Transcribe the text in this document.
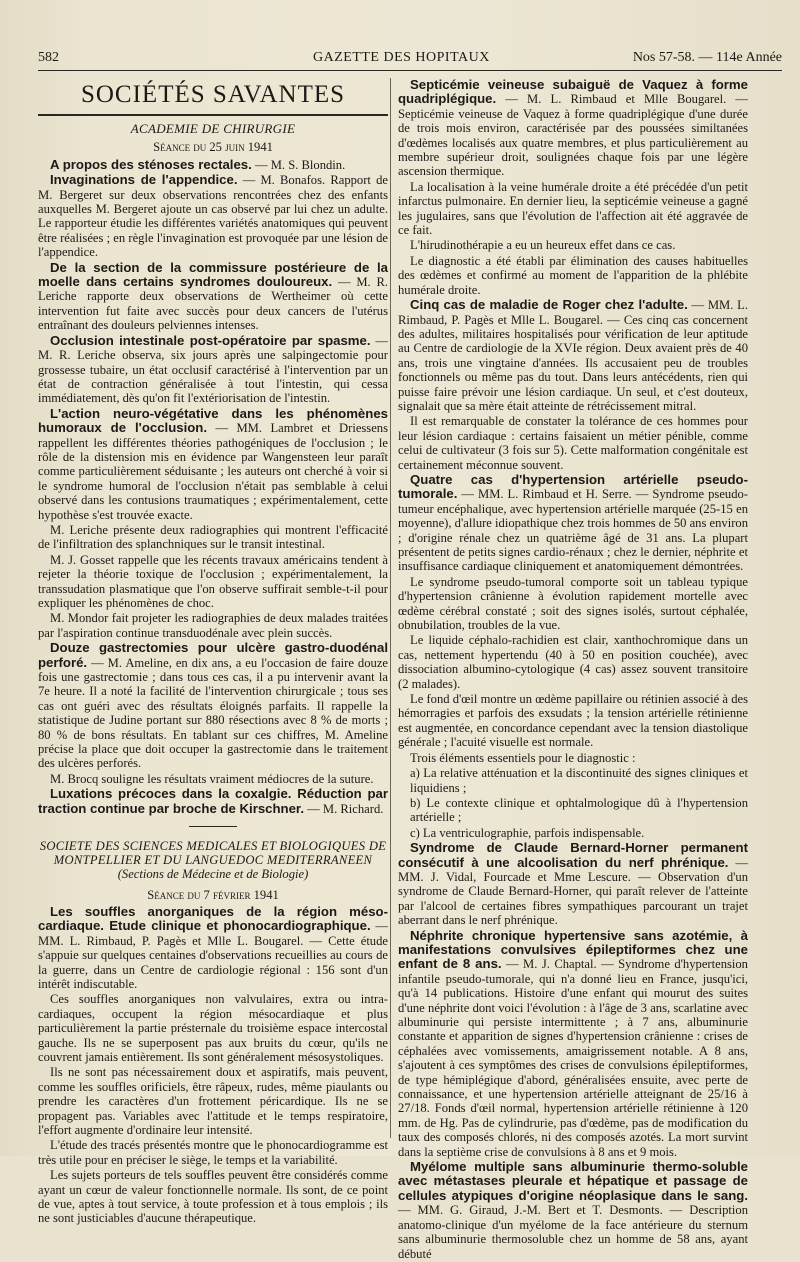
582	GAZETTE DES HOPITAUX	Nos 57-58. — 114e Année
SOCIÉTÉS SAVANTES
ACADEMIE DE CHIRURGIE
Séance du 25 juin 1941

A propos des sténoses rectales. — M. S. Blondin.

Invaginations de l'appendice. — M. Bonafos. Rapport de M. Bergeret sur deux observations rencontrées chez des enfants auxquelles M. Bergeret ajoute un cas observé par lui chez un adulte. Le rapporteur étudie les différentes variétés anatomiques qui peuvent être réalisées ; en règle l'invagination est provoquée par une lésion de l'appendice.

De la section de la commissure postérieure de la moelle dans certains syndromes douloureux. — M. R. Leriche rapporte deux observations de Wertheimer où cette intervention fut faite avec succès pour deux cancers de l'utérus entraînant des douleurs pelviennes intenses.

Occlusion intestinale post-opératoire par spasme. — M. R. Leriche observa, six jours après une salpingectomie pour grossesse tubaire, un état occlusif caractérisé à l'intervention par un état de contraction généralisée à tout l'intestin, qui cessa immédiatement, dès qu'on fit l'extériorisation de l'intestin.

L'action neuro-végétative dans les phénomènes humoraux de l'occlusion. — MM. Lambret et Driessens rappellent les différentes théories pathogéniques de l'occlusion ; le rôle de la distension mis en évidence par Wangensteen leur paraît comme particulièrement séduisante ; les auteurs ont cherché à voir si le syndrome humoral de l'occlusion n'était pas semblable à celui observé dans les contusions traumatiques ; expérimentalement, cette hypothèse s'est trouvée exacte.

M. Leriche présente deux radiographies qui montrent l'efficacité de l'infiltration des splanchniques sur le transit intestinal.

M. J. Gosset rappelle que les récents travaux américains tendent à rejeter la théorie toxique de l'occlusion ; expérimentalement, la transsudation plasmatique que l'on observe suffirait semble-t-il pour expliquer les phénomènes de choc.

M. Mondor fait projeter les radiographies de deux malades traitées par l'aspiration continue transduodénale avec plein succès.

Douze gastrectomies pour ulcère gastro-duodénal perforé. — M. Ameline, en dix ans, a eu l'occasion de faire douze fois une gastrectomie ; dans tous ces cas, il a pu intervenir avant la 7e heure. Il a noté la facilité de l'intervention chirurgicale ; tous ses cas ont guéri avec des résultats éloignés parfaits. Il rappelle la statistique de Judine portant sur 880 résections avec 8 % de morts ; 80 % de bons résultats. En tablant sur ces chiffres, M. Ameline précise la place que doit occuper la gastrectomie dans le traitement des ulcères perforés.

M. Brocq souligne les résultats vraiment médiocres de la suture.

Luxations précoces dans la coxalgie. Réduction par traction continue par broche de Kirschner. — M. Richard.

SOCIETE DES SCIENCES MEDICALES ET BIOLOGIQUES DE MONTPELLIER ET DU LANGUEDOC MEDITERRANEEN
(Sections de Médecine et de Biologie)
Séance du 7 février 1941

Les souffles anorganiques de la région méso-cardiaque. Etude clinique et phonocardiographique. — MM. L. Rimbaud, P. Pagès et Mlle L. Bougarel. — Cette étude s'appuie sur quelques centaines d'observations recueillies au cours de la guerre, dans un Centre de cardiologie régional : 156 sont d'un intérêt indiscutable.

Ces souffles anorganiques non valvulaires, extra ou intra-cardiaques, occupent la région mésocardiaque et plus particulièrement la partie présternale du troisième espace intercostal gauche. Ils ne se superposent pas aux bruits du cœur, qu'ils ne couvrent jamais entièrement. Ils sont généralement mésosystoliques.

Ils ne sont pas nécessairement doux et aspiratifs, mais peuvent, comme les souffles orificiels, être râpeux, rudes, même piaulants ou prendre les caractères d'un frottement péricardique. Ils ne se propagent pas. Variables avec l'attitude et le temps respiratoire, l'effort augmente d'ordinaire leur intensité.

L'étude des tracés présentés montre que le phonocardiogramme est très utile pour en préciser le siège, le temps et la variabilité.

Les sujets porteurs de tels souffles peuvent être considérés comme ayant un cœur de valeur fonctionnelle normale. Ils sont, de ce point de vue, aptes à tout service, à toute profession et à tous emplois ; ils ne sont justiciables d'aucune thérapeutique.

Septicémie veineuse subaiguë de Vaquez à forme quadriplégique. — M. L. Rimbaud et Mlle Bougarel. — Septicémie veineuse de Vaquez à forme quadriplégique d'une durée de trois mois environ, caractérisée par des poussées similtanées d'œdèmes localisés aux quatre membres, et plus particulièrement au membre supérieur droit, soulignées chaque fois par une légère ascension thermique.

La localisation à la veine humérale droite a été précédée d'un petit infarctus pulmonaire. En dernier lieu, la septicémie veineuse a gagné les jugulaires, sans que l'évolution de l'affection ait été aggravée de ce fait.

L'hirudinothérapie a eu un heureux effet dans ce cas.

Le diagnostic a été établi par élimination des causes habituelles des œdèmes et confirmé au moment de l'apparition de la phlébite humérale droite.

Cinq cas de maladie de Roger chez l'adulte. — MM. L. Rimbaud, P. Pagès et Mlle L. Bougarel. — Ces cinq cas concernent des adultes, militaires hospitalisés pour vérification de leur aptitude au Centre de cardiologie de la XVIe région. Deux avaient près de 40 ans, trois une vingtaine d'années. Ils accusaient peu de troubles fonctionnels ou même pas du tout. Dans leurs antécédents, rien qui puisse faire prévoir une lésion cardiaque. Un seul, et c'est douteux, signalait que sa mère était atteinte de rétrécissement mitral.

Il est remarquable de constater la tolérance de ces hommes pour leur lésion cardiaque : certains faisaient un métier pénible, comme celui de cultivateur (3 fois sur 5). Cette malformation congénitale est certainement méconnue souvent.

Quatre cas d'hypertension artérielle pseudo-tumorale. — MM. L. Rimbaud et H. Serre. — Syndrome pseudo-tumeur encéphalique, avec hypertension artérielle marquée (25-15 en moyenne), d'allure idiopathique chez trois hommes de 50 ans environ ; d'origine rénale chez un quatrième âgé de 31 ans. La plupart présentent de petits signes cardio-rénaux ; chez le dernier, néphrite et insuffisance cardiaque cliniquement et anatomiquement démontrées.

Le syndrome pseudo-tumoral comporte soit un tableau typique d'hypertension crânienne à évolution rapidement mortelle avec œdème cérébral constaté ; soit des signes isolés, surtout céphalée, obnubilation, troubles de la vue.

Le liquide céphalo-rachidien est clair, xanthochromique dans un cas, nettement hypertendu (40 à 50 en position couchée), avec dissociation albumino-cytologique (4 cas) assez souvent transitoire (2 malades).

Le fond d'œil montre un œdème papillaire ou rétinien associé à des hémorragies et parfois des exsudats ; la tension artérielle rétinienne est augmentée, en concordance cependant avec la tension diastolique générale ; l'acuité visuelle est normale.

Trois éléments essentiels pour le diagnostic :

a) La relative atténuation et la discontinuité des signes cliniques et liquidiens ;

b) Le contexte clinique et ophtalmologique dû à l'hypertension artérielle ;

c) La ventriculographie, parfois indispensable.

Syndrome de Claude Bernard-Horner permanent consécutif à une alcoolisation du nerf phrénique. — MM. J. Vidal, Fourcade et Mme Lescure. — Observation d'un syndrome de Claude Bernard-Horner, qui paraît relever de l'atteinte par l'alcool de certaines fibres sympathiques parcourant un trajet aberrant dans le nerf phrénique.

Néphrite chronique hypertensive sans azotémie, à manifestations convulsives épileptiformes chez une enfant de 8 ans. — M. J. Chaptal. — Syndrome d'hypertension infantile pseudo-tumorale, qui n'a donné lieu en France, jusqu'ici, qu'à 14 publications. Histoire d'une enfant qui mourut des suites d'une néphrite dont voici l'évolution : à l'âge de 3 ans, scarlatine avec albuminurie qui persiste intermittente ; à 7 ans, albuminurie constante et apparition de signes d'hypertension crânienne : crises de céphalées avec vomissements, amaigrissement notable. A 8 ans, s'ajoutent à ces symptômes des crises de convulsions épileptiformes, de type hémiplégique d'abord, généralisées ensuite, avec perte de connaissance, et une hypertension artérielle atteignant de 25/16 à 27/18. Fonds d'œil normal, hypertension artérielle rétinienne à 120 mm. de Hg. Pas de cylindrurie, pas d'œdème, pas de modification du taux des composés chlorés, ni des composés azotés. La mort survint dans la septième crise de convulsions à 8 ans et 9 mois.

Myélome multiple sans albuminurie thermo-soluble avec métastases pleurale et hépatique et passage de cellules atypiques d'origine néoplasique dans le sang. — MM. G. Giraud, J.-M. Bert et T. Desmonts. — Description anatomo-clinique d'un myélome de la face antérieure du sternum sans albuminurie thermosoluble chez un homme de 58 ans, ayant débuté
